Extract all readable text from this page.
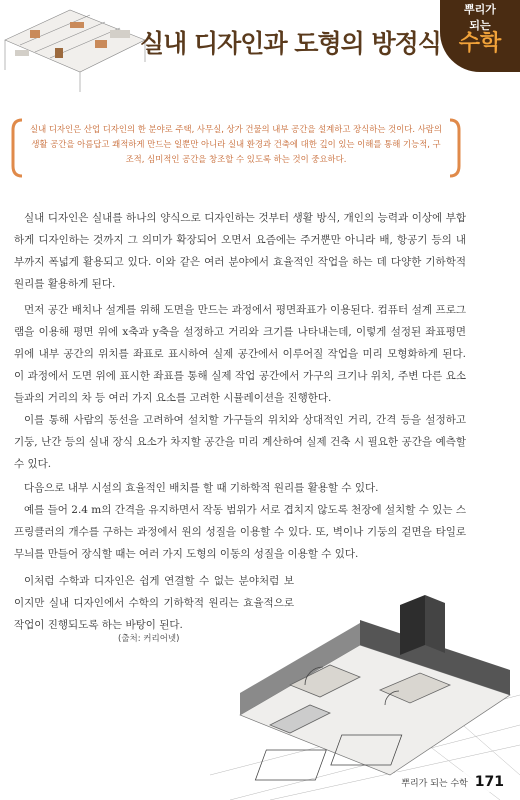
실내 디자인과 도형의 방정식
뿌리가
되는
수학
실내 디자인은 산업 디자인의 한 분야로 주택, 사무실, 상가 건물의 내부 공간을 설계하고 장식하는 것이다. 사람의 생활 공간을 아름답고 쾌적하게 만드는 일뿐만 아니라 실내 환경과 건축에 대한 깊이 있는 이해를 통해 기능적, 구조적, 심미적인 공간을 창조할 수 있도록 하는 것이 중요하다.

실내 디자인은 실내를 하나의 양식으로 디자인하는 것부터 생활 방식, 개인의 능력과 이상에 부합하게 디자인하는 것까지 그 의미가 확장되어 오면서 요즘에는 주거뿐만 아니라 배, 항공기 등의 내부까지 폭넓게 활용되고 있다. 이와 같은 여러 분야에서 효율적인 작업을 하는 데 다양한 기하학적 원리를 활용하게 된다.

먼저 공간 배치나 설계를 위해 도면을 만드는 과정에서 평면좌표가 이용된다. 컴퓨터 설계 프로그램을 이용해 평면 위에 x축과 y축을 설정하고 거리와 크기를 나타내는데, 이렇게 설정된 좌표평면 위에 내부 공간의 위치를 좌표로 표시하여 실제 공간에서 이루어질 작업을 미리 모형화하게 된다. 이 과정에서 도면 위에 표시한 좌표를 통해 실제 작업 공간에서 가구의 크기나 위치, 주변 다른 요소들과의 거리의 차 등 여러 가지 요소를 고려한 시뮬레이션을 진행한다.

이를 통해 사람의 동선을 고려하여 설치할 가구들의 위치와 상대적인 거리, 간격 등을 설정하고 기둥, 난간 등의 실내 장식 요소가 차지할 공간을 미리 계산하여 실제 건축 시 필요한 공간을 예측할 수 있다.

다음으로 내부 시설의 효율적인 배치를 할 때 기하학적 원리를 활용할 수 있다.

예를 들어 2.4 m의 간격을 유지하면서 작동 범위가 서로 겹치지 않도록 천장에 설치할 수 있는 스프링클러의 개수를 구하는 과정에서 원의 성질을 이용할 수 있다. 또, 벽이나 기둥의 겉면을 타일로 무늬를 만들어 장식할 때는 여러 가지 도형의 이동의 성질을 이용할 수 있다.

이처럼 수학과 디자인은 쉽게 연결할 수 없는 분야처럼 보이지만 실내 디자인에서 수학의 기하학적 원리는 효율적으로 작업이 진행되도록 하는 바탕이 된다.

(출처: 커리어넷)
뿌리가 되는 수학 171
